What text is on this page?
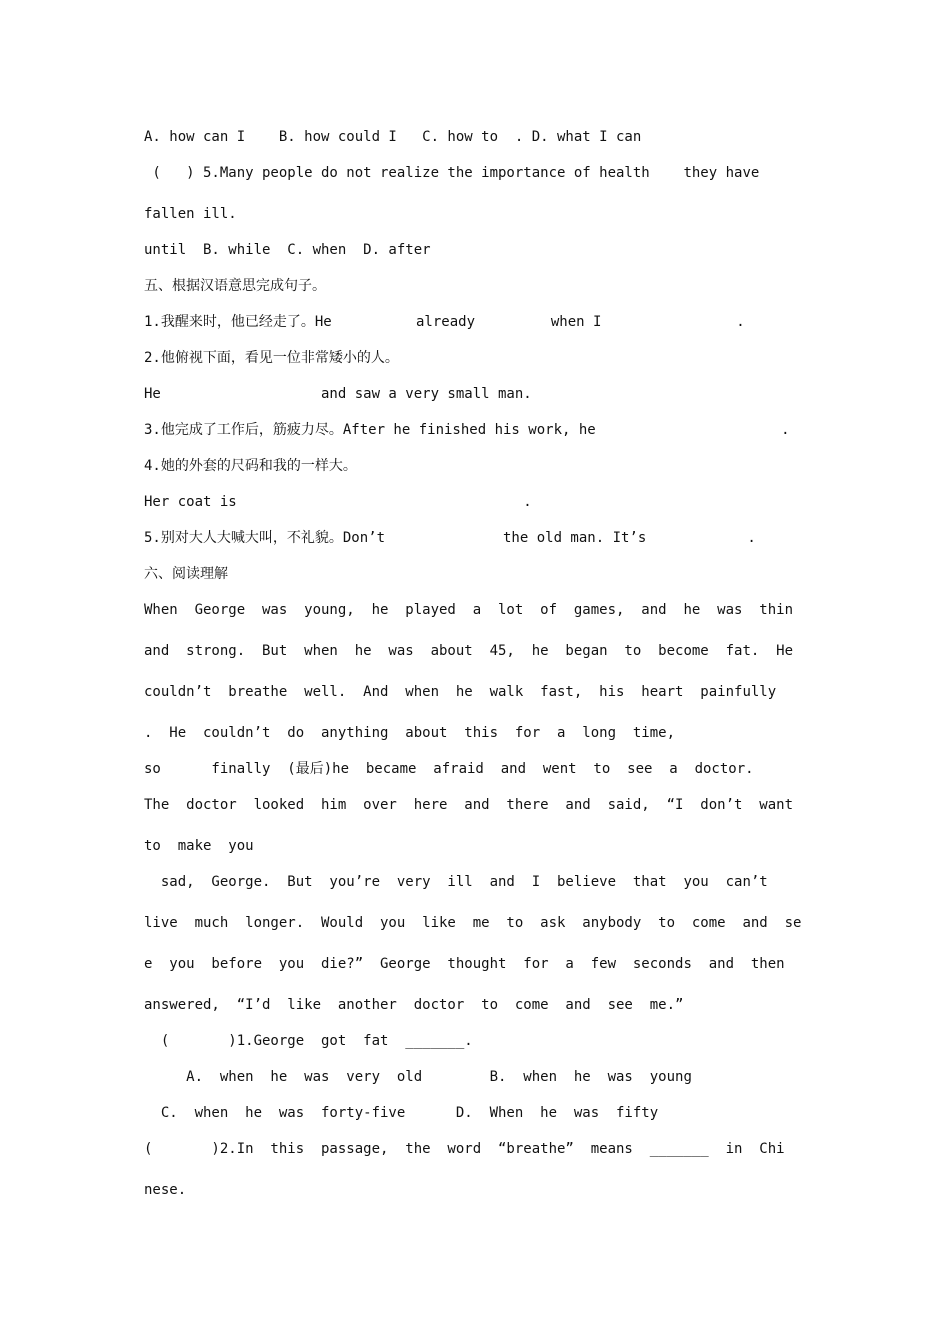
A. how can I    B. how could I   C. how to  . D. what I can
(   ) 5.Many people do not realize the importance of health    they have
fallen ill.
until  B. while  C. when  D. after
五、根据汉语意思完成句子。
1.我醒来时，他已经走了。He          already         when I                .
2.他俯视下面，看见一位非常矮小的人。
He                   and saw a very small man.
3.他完成了工作后，筋疲力尽。After he finished his work, he                      .
4.她的外套的尺码和我的一样大。
Her coat is                                  .
5.别对大人大喊大叫，不礼貌。Don’t              the old man. It’s            .
六、阅读理解
When  George  was  young,  he  played  a  lot  of  games,  and  he  was  thin
and  strong.  But  when  he  was  about  45,  he  began  to  become  fat.  He
couldn’t  breathe  well.  And  when  he  walk  fast,  his  heart  painfully
.  He  couldn’t  do  anything  about  this  for  a  long  time,
so      finally  (最后)he  became  afraid  and  went  to  see  a  doctor.
The  doctor  looked  him  over  here  and  there  and  said,  “I  don’t  want
to  make  you
sad,  George.  But  you’re  very  ill  and  I  believe  that  you  can’t
live  much  longer.  Would  you  like  me  to  ask  anybody  to  come  and  se
e  you  before  you  die?”  George  thought  for  a  few  seconds  and  then
answered,  “I’d  like  another  doctor  to  come  and  see  me.”
(       )1.George  got  fat  _______.
A.  when  he  was  very  old        B.  when  he  was  young
C.  when  he  was  forty-five      D.  When  he  was  fifty
(       )2.In  this  passage,  the  word  “breathe”  means  _______  in  Chi
nese.
